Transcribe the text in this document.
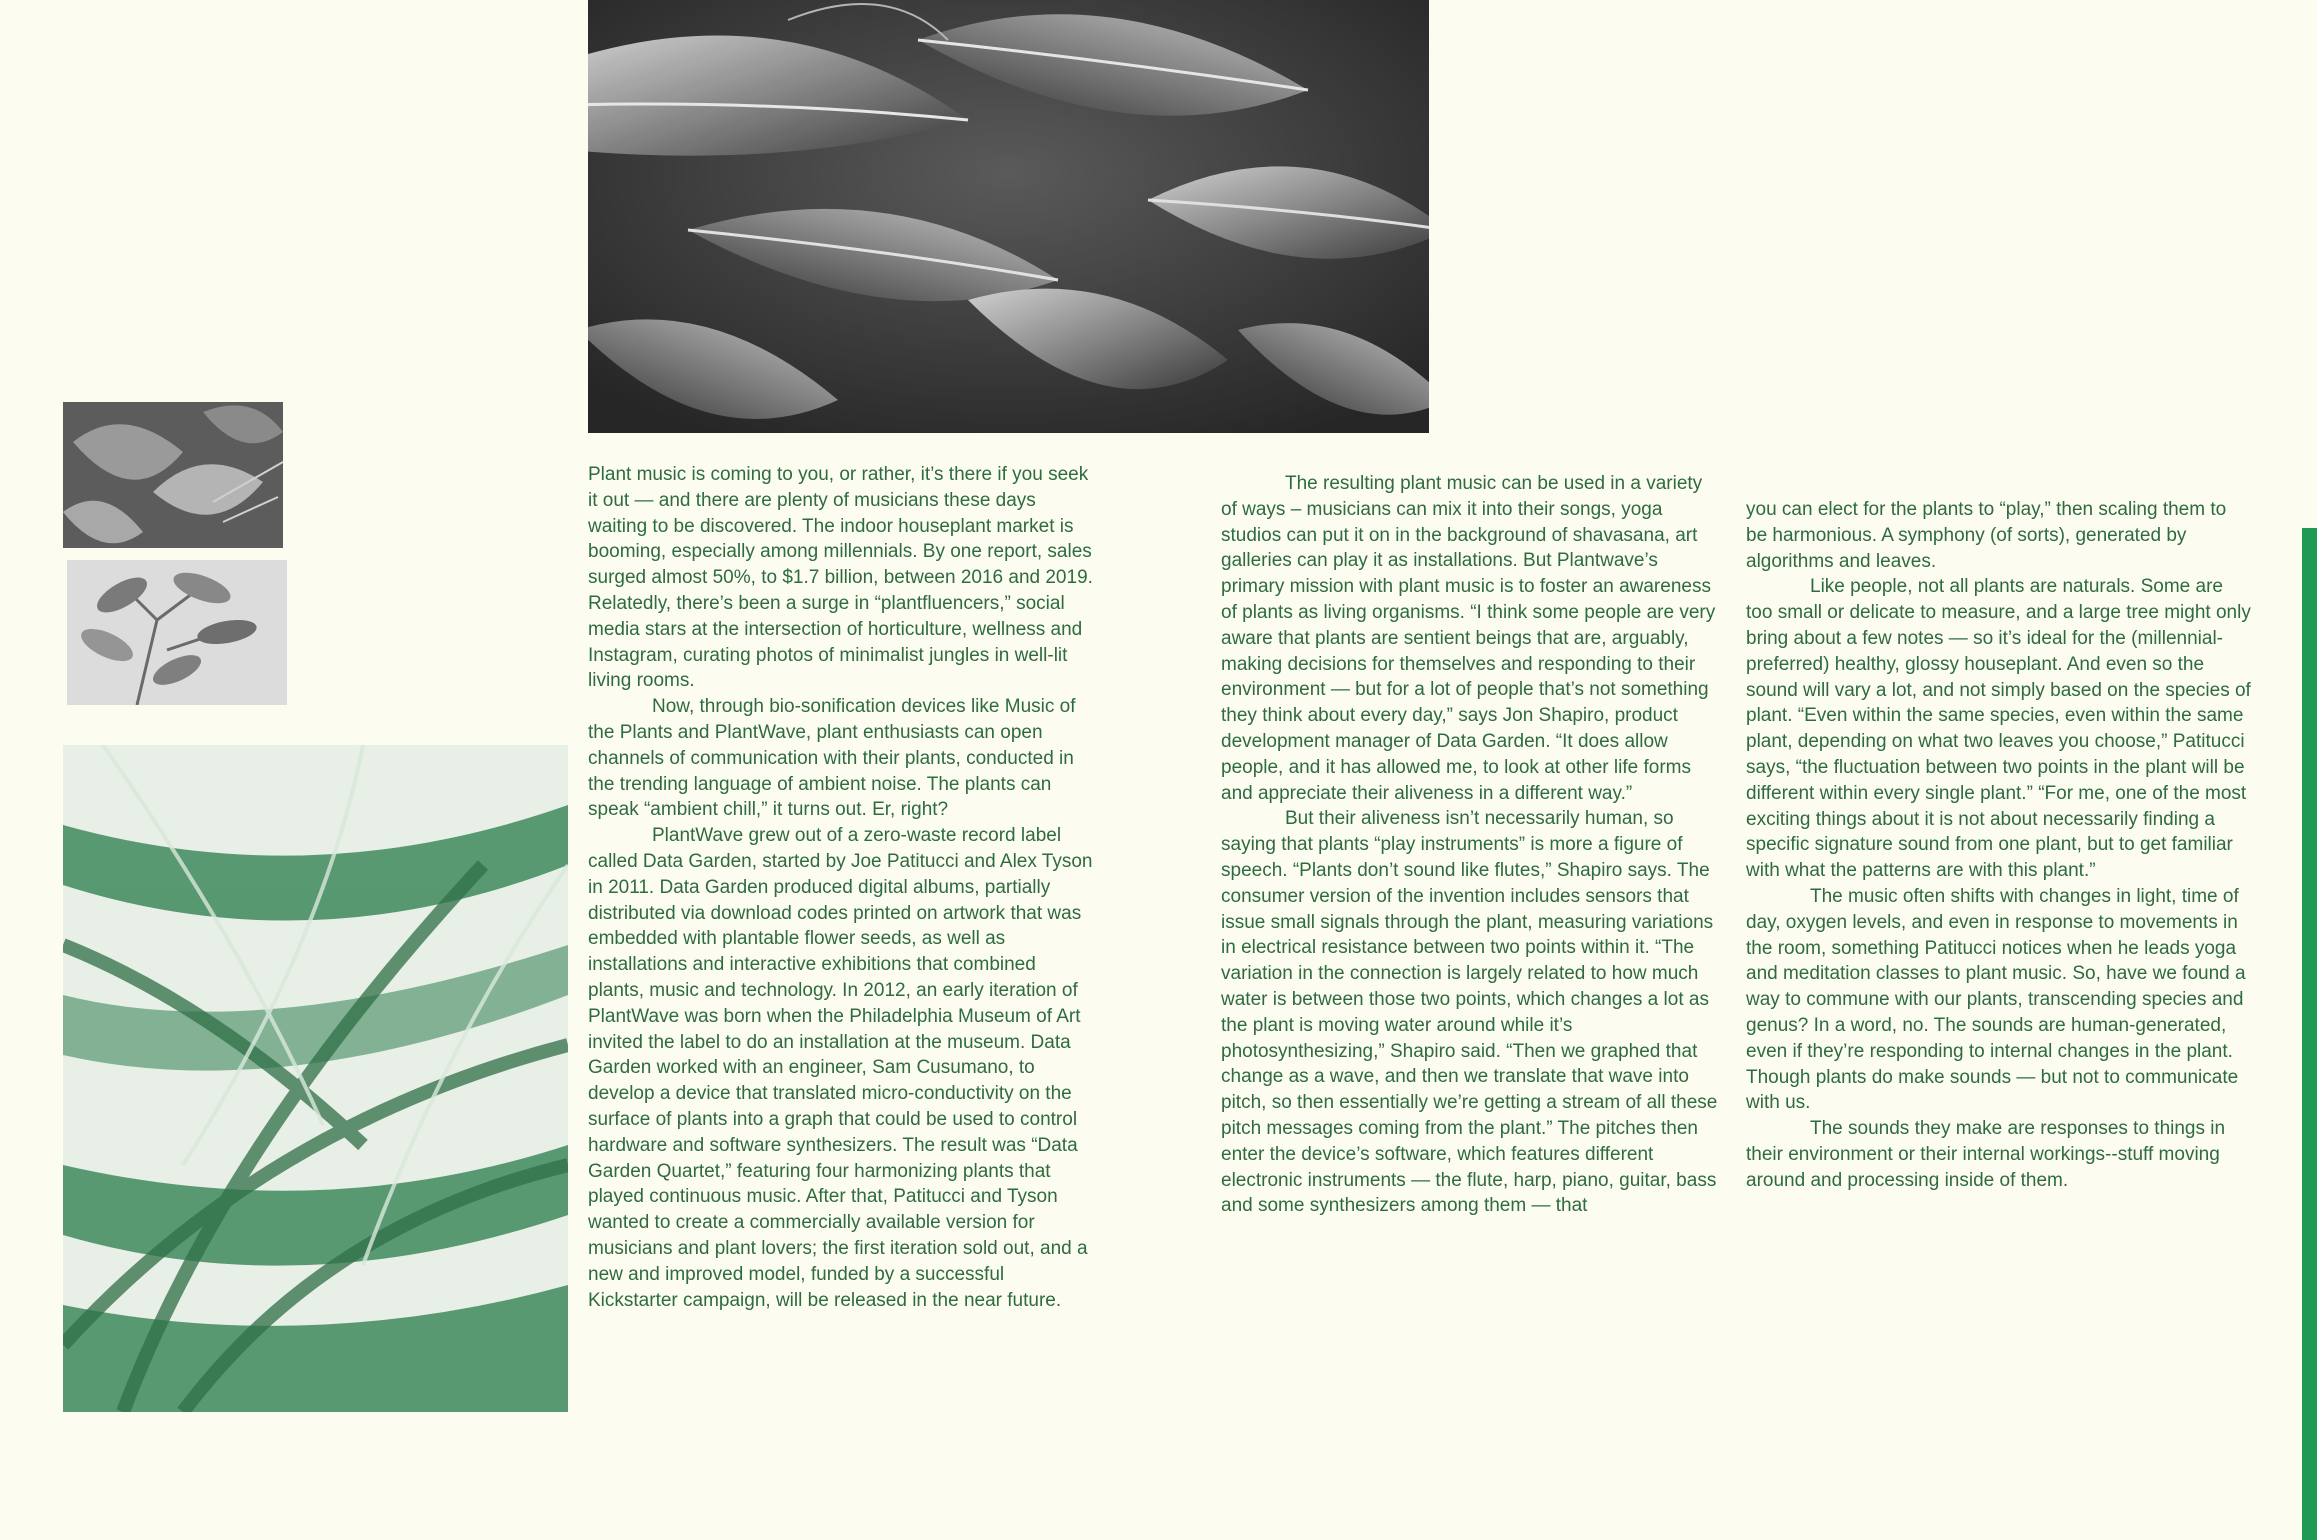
Plant music is coming to you, or rather, it’s there if you seek it out — and there are plenty of musicians these days waiting to be discovered. The indoor houseplant market is booming, especially among millennials. By one report, sales surged almost 50%, to $1.7 billion, between 2016 and 2019. Relatedly, there’s been a surge in “plantfluencers,” social media stars at the intersection of horticulture, wellness and Instagram, curating photos of minimalist jungles in well-lit living rooms.

Now, through bio-sonification devices like Music of the Plants and PlantWave, plant enthusiasts can open channels of communication with their plants, conducted in the trending language of ambient noise. The plants can speak “ambient chill,” it turns out. Er, right?

PlantWave grew out of a zero-waste record label called Data Garden, started by Joe Patitucci and Alex Tyson in 2011. Data Garden produced digital albums, partially distributed via download codes printed on artwork that was embedded with plantable flower seeds, as well as installations and interactive exhibitions that combined plants, music and technology. In 2012, an early iteration of PlantWave was born when the Philadelphia Museum of Art invited the label to do an installation at the museum. Data Garden worked with an engineer, Sam Cusumano, to develop a device that translated micro-conductivity on the surface of plants into a graph that could be used to control hardware and software synthesizers. The result was “Data Garden Quartet,” featuring four harmonizing plants that played continuous music. After that, Patitucci and Tyson wanted to create a commercially available version for musicians and plant lovers; the first iteration sold out, and a new and improved model, funded by a successful Kickstarter campaign, will be released in the near future.

The resulting plant music can be used in a variety of ways – musicians can mix it into their songs, yoga studios can put it on in the background of shavasana, art galleries can play it as installations. But Plantwave’s primary mission with plant music is to foster an awareness of plants as living organisms. “I think some people are very aware that plants are sentient beings that are, arguably, making decisions for themselves and responding to their environment — but for a lot of people that’s not something they think about every day,” says Jon Shapiro, product development manager of Data Garden. “It does allow people, and it has allowed me, to look at other life forms and appreciate their aliveness in a different way.”

But their aliveness isn’t necessarily human, so saying that plants “play instruments” is more a figure of speech. “Plants don’t sound like flutes,” Shapiro says. The consumer version of the invention includes sensors that issue small signals through the plant, measuring variations in electrical resistance between two points within it. “The variation in the connection is largely related to how much water is between those two points, which changes a lot as the plant is moving water around while it’s photosynthesizing,” Shapiro said. “Then we graphed that change as a wave, and then we translate that wave into pitch, so then essentially we’re getting a stream of all these pitch messages coming from the plant.” The pitches then enter the device’s software, which features different electronic instruments — the flute, harp, piano, guitar, bass and some synthesizers among them — that

you can elect for the plants to “play,” then scaling them to be harmonious. A symphony (of sorts), generated by algorithms and leaves.

Like people, not all plants are naturals. Some are too small or delicate to measure, and a large tree might only bring about a few notes — so it’s ideal for the (millennial-preferred) healthy, glossy houseplant. And even so the sound will vary a lot, and not simply based on the species of plant. “Even within the same species, even within the same plant, depending on what two leaves you choose,” Patitucci says, “the fluctuation between two points in the plant will be different within every single plant.” “For me, one of the most exciting things about it is not about necessarily finding a specific signature sound from one plant, but to get familiar with what the patterns are with this plant.”

The music often shifts with changes in light, time of day, oxygen levels, and even in response to movements in the room, something Patitucci notices when he leads yoga and meditation classes to plant music. So, have we found a way to commune with our plants, transcending species and genus? In a word, no. The sounds are human-generated, even if they’re responding to internal changes in the plant. Though plants do make sounds — but not to communicate with us.

The sounds they make are responses to things in their environment or their internal workings--stuff moving around and processing inside of them.
